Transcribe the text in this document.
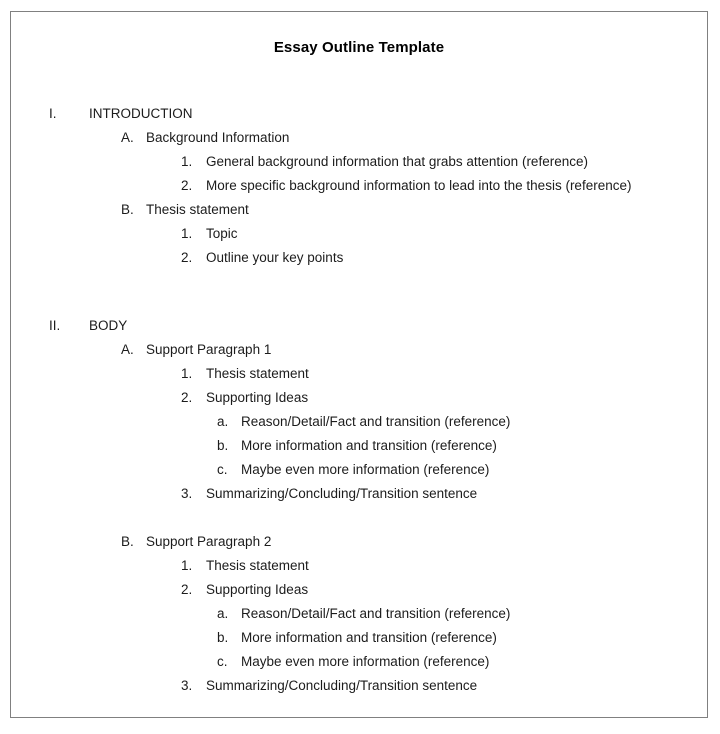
Essay Outline Template
I. INTRODUCTION
A. Background Information
1. General background information that grabs attention (reference)
2. More specific background information to lead into the thesis (reference)
B. Thesis statement
1. Topic
2. Outline your key points
II. BODY
A. Support Paragraph 1
1. Thesis statement
2. Supporting Ideas
a. Reason/Detail/Fact and transition (reference)
b. More information and transition (reference)
c. Maybe even more information (reference)
3. Summarizing/Concluding/Transition sentence
B. Support Paragraph 2
1. Thesis statement
2. Supporting Ideas
a. Reason/Detail/Fact and transition (reference)
b. More information and transition (reference)
c. Maybe even more information (reference)
3. Summarizing/Concluding/Transition sentence
